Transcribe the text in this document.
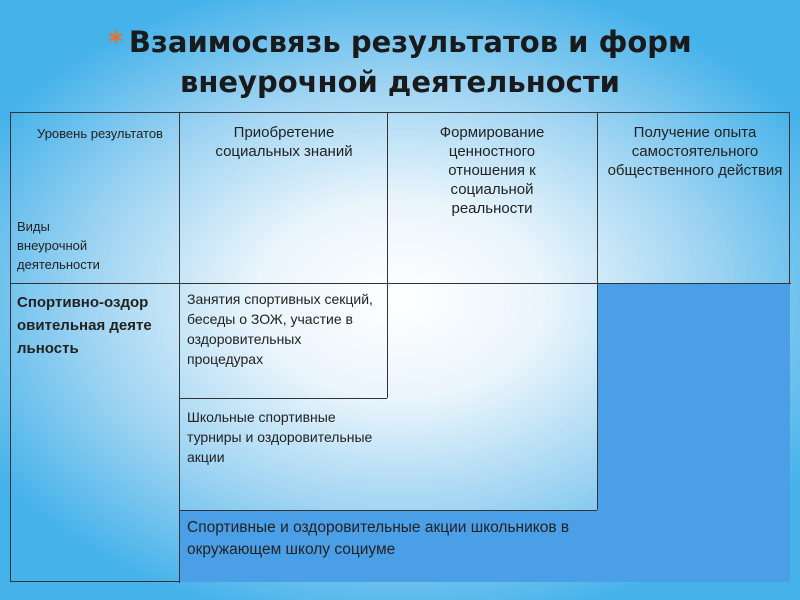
* Взаимосвязь результатов и форм
внеурочной деятельности
Уровень результатов
Виды
внеурочной
деятельности
Приобретение социальных знаний
Формирование ценностного отношения к социальной реальности
Получение опыта самостоятельного общественного действия
Спортивно-оздоровительная деятельность
Занятия спортивных секций, беседы о ЗОЖ, участие в оздоровительных процедурах
Школьные спортивные турниры и оздоровительные акции
Спортивные и оздоровительные акции школьников в окружающем школу социуме
